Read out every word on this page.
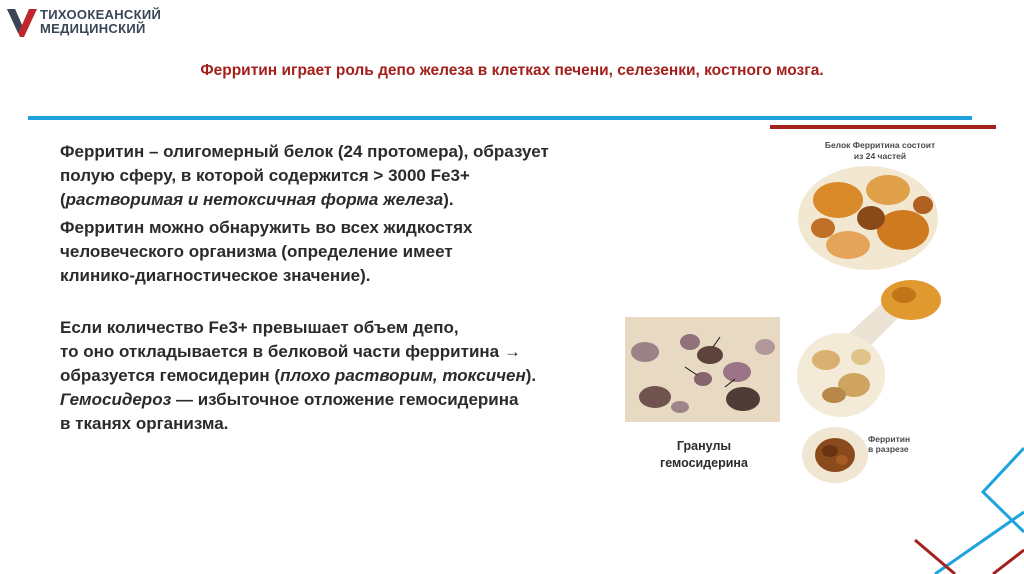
ТИХООКЕАНСКИЙ
МЕДИЦИНСКИЙ
Ферритин играет роль депо железа в клетках печени, селезенки, костного мозга.

Ферритин – олигомерный белок (24 протомера), образует
полую сферу, в которой содержится > 3000 Fe3+
(растворимая и нетоксичная форма железа).

Ферритин можно обнаружить во всех жидкостях
человеческого организма (определение имеет
клинико-диагностическое значение).

Если количество Fe3+ превышает объем депо,
то оно откладывается в белковой части ферритина →
образуется гемосидерин (плохо растворим, токсичен).
Гемосидероз — избыточное отложение гемосидерина
в тканях организма.

Гранулы
гемосидерина
Белок Ферритина состоит
из 24 частей
Ферритин
в разрезе
